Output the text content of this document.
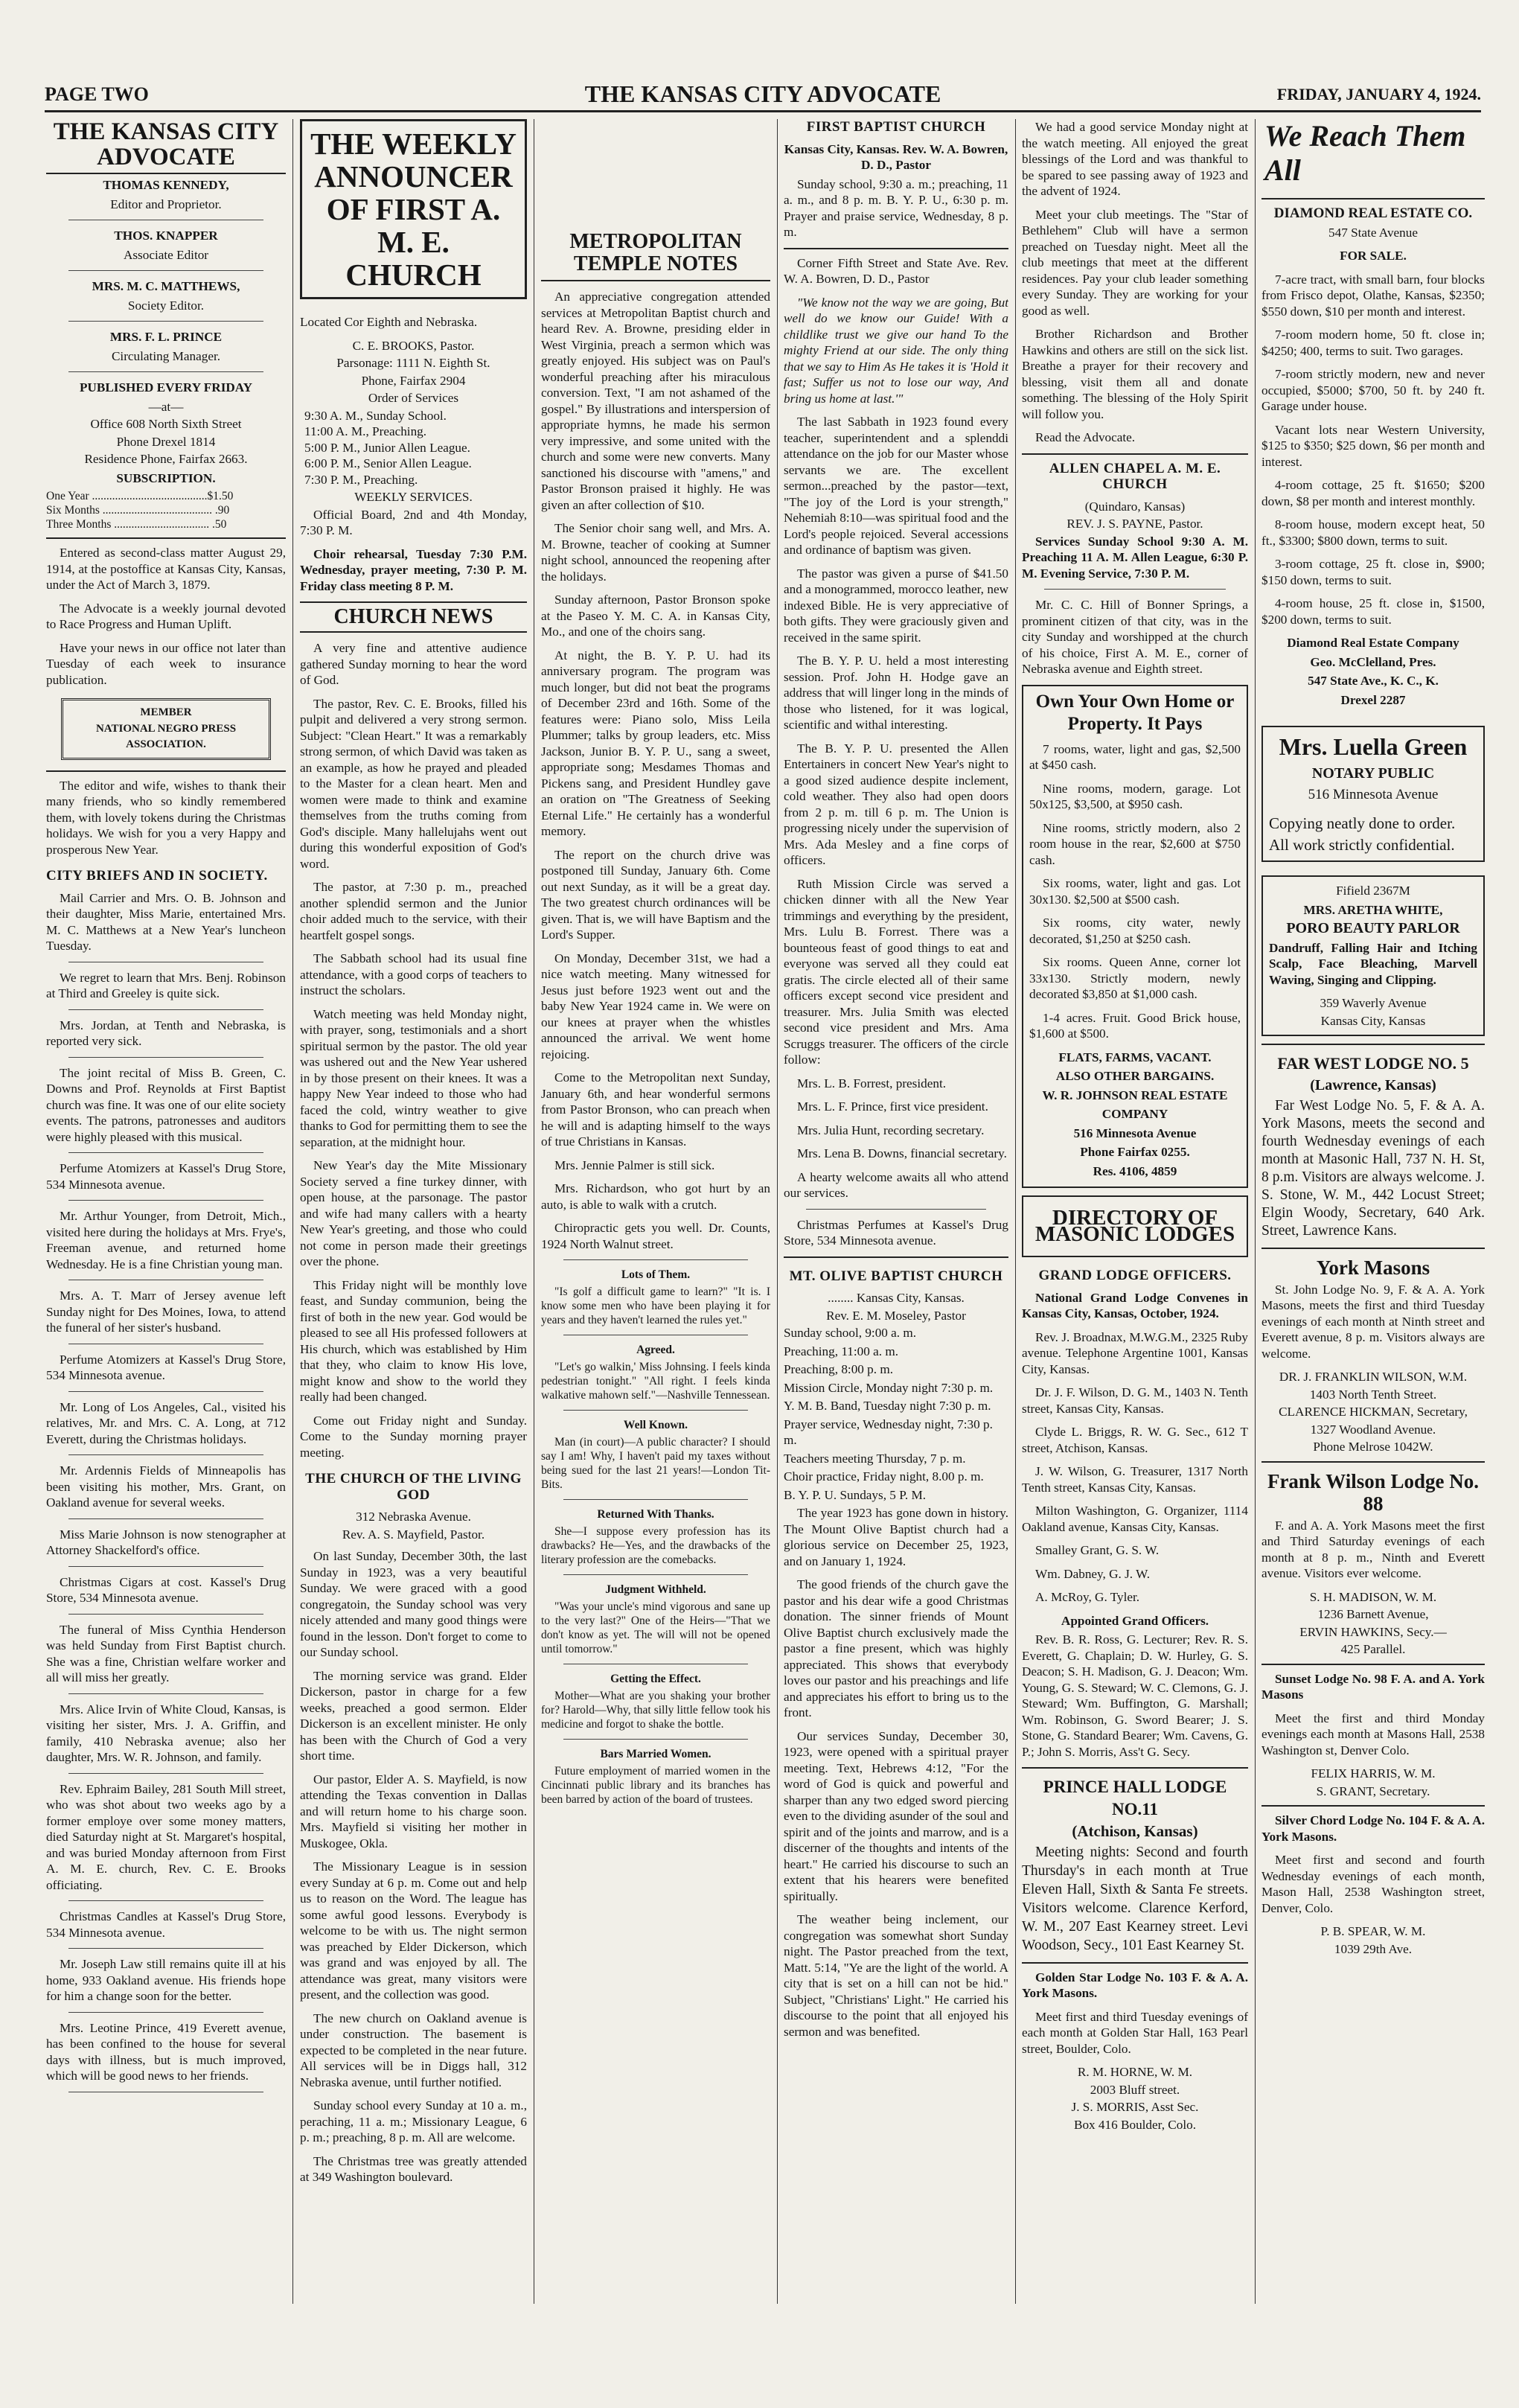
PAGE TWO	THE KANSAS CITY ADVOCATE	FRIDAY, JANUARY 4, 1924.
THE KANSAS CITY ADVOCATE
THOMAS KENNEDY,
Editor and Proprietor.
THOS. KNAPPER
Associate Editor
MRS. M. C. MATTHEWS,
Society Editor.
MRS. F. L. PRINCE
Circulating Manager.
PUBLISHED EVERY FRIDAY
—at—
Office 608 North Sixth Street
Phone Drexel 1814
Residence Phone, Fairfax 2663.
SUBSCRIPTION.
One Year ........................................$1.50
Six Months ...................................... .90
Three Months ................................. .50

Entered as second-class matter August 29, 1914, at the postoffice at Kansas City, Kansas, under the Act of March 3, 1879.

The Advocate is a weekly journal devoted to Race Progress and Human Uplift.

Have your news in our office not later than Tuesday of each week to insurance publication.

MEMBER
NATIONAL NEGRO PRESS ASSOCIATION.

The editor and wife, wishes to thank their many friends, who so kindly remembered them, with lovely tokens during the Christmas holidays. We wish for you a very Happy and prosperous New Year.

CITY BRIEFS AND IN SOCIETY.

Mail Carrier and Mrs. O. B. Johnson and their daughter, Miss Marie, entertained Mrs. M. C. Matthews at a New Year's luncheon Tuesday.

We regret to learn that Mrs. Benj. Robinson at Third and Greeley is quite sick.

Mrs. Jordan, at Tenth and Nebraska, is reported very sick.

The joint recital of Miss B. Green, C. Downs and Prof. Reynolds at First Baptist church was fine. It was one of our elite society events. The patrons, patronesses and auditors were highly pleased with this musical.

Perfume Atomizers at Kassel's Drug Store, 534 Minnesota avenue.

Mr. Arthur Younger, from Detroit, Mich., visited here during the holidays at Mrs. Frye's, Freeman avenue, and returned home Wednesday. He is a fine Christian young man.

Mrs. A. T. Marr of Jersey avenue left Sunday night for Des Moines, Iowa, to attend the funeral of her sister's husband.

Perfume Atomizers at Kassel's Drug Store, 534 Minnesota avenue.

Mr. Long of Los Angeles, Cal., visited his relatives, Mr. and Mrs. C. A. Long, at 712 Everett, during the Christmas holidays.

Mr. Ardennis Fields of Minneapolis has been visiting his mother, Mrs. Grant, on Oakland avenue for several weeks.

Miss Marie Johnson is now stenographer at Attorney Shackelford's office.

Christmas Cigars at cost. Kassel's Drug Store, 534 Minnesota avenue.

The funeral of Miss Cynthia Henderson was held Sunday from First Baptist church. She was a fine, Christian welfare worker and all will miss her greatly.

Mrs. Alice Irvin of White Cloud, Kansas, is visiting her sister, Mrs. J. A. Griffin, and family, 410 Nebraska avenue; also her daughter, Mrs. W. R. Johnson, and family.

Rev. Ephraim Bailey, 281 South Mill street, who was shot about two weeks ago by a former employe over some money matters, died Saturday night at St. Margaret's hospital, and was buried Monday afternoon from First A. M. E. church, Rev. C. E. Brooks officiating.

Christmas Candles at Kassel's Drug Store, 534 Minnesota avenue.

Mr. Joseph Law still remains quite ill at his home, 933 Oakland avenue. His friends hope for him a change soon for the better.

Mrs. Leotine Prince, 419 Everett avenue, has been confined to the house for several days with illness, but is much improved, which will be good news to her friends.

THE WEEKLY ANNOUNCER OF FIRST A. M. E. CHURCH

Located Cor Eighth and Nebraska.

C. E. BROOKS, Pastor.
Parsonage: 1111 N. Eighth St.
Phone, Fairfax 2904
Order of Services
9:30 A. M., Sunday School.
11:00 A. M., Preaching.
5:00 P. M., Junior Allen League.
6:00 P. M., Senior Allen League.
7:30 P. M., Preaching.
WEEKLY SERVICES.

Official Board, 2nd and 4th Monday, 7:30 P. M.

Choir rehearsal, Tuesday 7:30 P.M. Wednesday, prayer meeting, 7:30 P. M. Friday class meeting 8 P. M.

CHURCH NEWS

A very fine and attentive audience gathered Sunday morning to hear the word of God.

The pastor, Rev. C. E. Brooks, filled his pulpit and delivered a very strong sermon. Subject: "Clean Heart." It was a remarkably strong sermon, of which David was taken as an example, as how he prayed and pleaded to the Master for a clean heart. Men and women were made to think and examine themselves from the truths coming from God's disciple. Many hallelujahs went out during this wonderful exposition of God's word.

The pastor, at 7:30 p. m., preached another splendid sermon and the Junior choir added much to the service, with their heartfelt gospel songs.

The Sabbath school had its usual fine attendance, with a good corps of teachers to instruct the scholars.

Watch meeting was held Monday night, with prayer, song, testimonials and a short spiritual sermon by the pastor. The old year was ushered out and the New Year ushered in by those present on their knees. It was a happy New Year indeed to those who had faced the cold, wintry weather to give thanks to God for permitting them to see the separation, at the midnight hour.

New Year's day the Mite Missionary Society served a fine turkey dinner, with open house, at the parsonage. The pastor and wife had many callers with a hearty New Year's greeting, and those who could not come in person made their greetings over the phone.

This Friday night will be monthly love feast, and Sunday communion, being the first of both in the new year. God would be pleased to see all His professed followers at His church, which was established by Him that they, who claim to know His love, might know and show to the world they really had been changed.

Come out Friday night and Sunday. Come to the Sunday morning prayer meeting.

THE CHURCH OF THE LIVING GOD
312 Nebraska Avenue.
Rev. A. S. Mayfield, Pastor.

On last Sunday, December 30th, the last Sunday in 1923, was a very beautiful Sunday. We were graced with a good congregatoin, the Sunday school was very nicely attended and many good things were found in the lesson. Don't forget to come to our Sunday school.

The morning service was grand. Elder Dickerson, pastor in charge for a few weeks, preached a good sermon. Elder Dickerson is an excellent minister. He only has been with the Church of God a very short time.

Our pastor, Elder A. S. Mayfield, is now attending the Texas convention in Dallas and will return home to his charge soon. Mrs. Mayfield si visiting her mother in Muskogee, Okla.

The Missionary League is in session every Sunday at 6 p. m. Come out and help us to reason on the Word. The league has some awful good lessons. Everybody is welcome to be with us. The night sermon was preached by Elder Dickerson, which was grand and was enjoyed by all. The attendance was great, many visitors were present, and the collection was good.

The new church on Oakland avenue is under construction. The basement is expected to be completed in the near future. All services will be in Diggs hall, 312 Nebraska avenue, until further notified.

Sunday school every Sunday at 10 a. m., peraching, 11 a. m.; Missionary League, 6 p. m.; preaching, 8 p. m. All are welcome.

The Christmas tree was greatly attended at 349 Washington boulevard.

METROPOLITAN TEMPLE NOTES

An appreciative congregation attended services at Metropolitan Baptist church and heard Rev. A. Browne, presiding elder in West Virginia, preach a sermon which was greatly enjoyed. His subject was on Paul's wonderful preaching after his miraculous conversion. Text, "I am not ashamed of the gospel." By illustrations and interspersion of appropriate hymns, he made his sermon very impressive, and some united with the church and some were new converts. Many sanctioned his discourse with "amens," and Pastor Bronson praised it highly. He was given an after collection of $10.

The Senior choir sang well, and Mrs. A. M. Browne, teacher of cooking at Sumner night school, announced the reopening after the holidays.

Sunday afternoon, Pastor Bronson spoke at the Paseo Y. M. C. A. in Kansas City, Mo., and one of the choirs sang.

At night, the B. Y. P. U. had its anniversary program. The program was much longer, but did not beat the programs of December 23rd and 16th. Some of the features were: Piano solo, Miss Leila Plummer; talks by group leaders, etc. Miss Jackson, Junior B. Y. P. U., sang a sweet, appropriate song; Mesdames Thomas and Pickens sang, and President Hundley gave an oration on "The Greatness of Seeking Eternal Life." He certainly has a wonderful memory.

The report on the church drive was postponed till Sunday, January 6th. Come out next Sunday, as it will be a great day. The two greatest church ordinances will be given. That is, we will have Baptism and the Lord's Supper.

On Monday, December 31st, we had a nice watch meeting. Many witnessed for Jesus just before 1923 went out and the baby New Year 1924 came in. We were on our knees at prayer when the whistles announced the arrival. We went home rejoicing.

Come to the Metropolitan next Sunday, January 6th, and hear wonderful sermons from Pastor Bronson, who can preach when he will and is adapting himself to the ways of true Christians in Kansas.

Mrs. Jennie Palmer is still sick.

Mrs. Richardson, who got hurt by an auto, is able to walk with a crutch.

Chiropractic gets you well. Dr. Counts, 1924 North Walnut street.

Lots of Them.

"Is golf a difficult game to learn?" "It is. I know some men who have been playing it for years and they haven't learned the rules yet."

Agreed.

"Let's go walkin,' Miss Johnsing. I feels kinda pedestrian tonight." "All right. I feels kinda walkative mahown self."—Nashville Tennessean.

Well Known.

Man (in court)—A public character? I should say I am! Why, I haven't paid my taxes without being sued for the last 21 years!—London Tit-Bits.

Returned With Thanks.

She—I suppose every profession has its drawbacks? He—Yes, and the drawbacks of the literary profession are the comebacks.

Judgment Withheld.

"Was your uncle's mind vigorous and sane up to the very last?" One of the Heirs—"That we don't know as yet. The will will not be opened until tomorrow."

Getting the Effect.

Mother—What are you shaking your brother for? Harold—Why, that silly little fellow took his medicine and forgot to shake the bottle.

Bars Married Women.

Future employment of married women in the Cincinnati public library and its branches has been barred by action of the board of trustees.

FIRST BAPTIST CHURCH
Kansas City, Kansas. Rev. W. A. Bowren, D. D., Pastor

Sunday school, 9:30 a. m.; preaching, 11 a. m., and 8 p. m. B. Y. P. U., 6:30 p. m. Prayer and praise service, Wednesday, 8 p. m.

Corner Fifth Street and State Ave. Rev. W. A. Bowren, D. D., Pastor

"We know not the way we are going, But well do we know our Guide! With a childlike trust we give our hand To the mighty Friend at our side. The only thing that we say to Him As He takes it is 'Hold it fast; Suffer us not to lose our way, And bring us home at last.'"

The last Sabbath in 1923 found every teacher, superintendent and a splenddi attendance on the job for our Master whose servants we are. The excellent sermon...preached by the pastor—text, "The joy of the Lord is your strength," Nehemiah 8:10—was spiritual food and the Lord's people rejoiced. Several accessions and ordinance of baptism was given.

The pastor was given a purse of $41.50 and a monogrammed, morocco leather, new indexed Bible. He is very appreciative of both gifts. They were graciously given and received in the same spirit.

The B. Y. P. U. held a most interesting session. Prof. John H. Hodge gave an address that will linger long in the minds of those who listened, for it was logical, scientific and withal interesting.

The B. Y. P. U. presented the Allen Entertainers in concert New Year's night to a good sized audience despite inclement, cold weather. They also had open doors from 2 p. m. till 6 p. m. The Union is progressing nicely under the supervision of Mrs. Ada Mesley and a fine corps of officers.

Ruth Mission Circle was served a chicken dinner with all the New Year trimmings and everything by the president, Mrs. Lulu B. Forrest. There was a bounteous feast of good things to eat and everyone was served all they could eat gratis. The circle elected all of their same officers except second vice president and treasurer. Mrs. Julia Smith was elected second vice president and Mrs. Ama Scruggs treasurer. The officers of the circle follow:

Mrs. L. B. Forrest, president.

Mrs. L. F. Prince, first vice president.

Mrs. Julia Hunt, recording secretary.

Mrs. Lena B. Downs, financial secretary.

A hearty welcome awaits all who attend our services.

Christmas Perfumes at Kassel's Drug Store, 534 Minnesota avenue.

MT. OLIVE BAPTIST CHURCH
........ Kansas City, Kansas.
Rev. E. M. Moseley, Pastor
Sunday school, 9:00 a. m.
Preaching, 11:00 a. m.
Preaching, 8:00 p. m.
Mission Circle, Monday night 7:30 p. m.
Y. M. B. Band, Tuesday night 7:30 p. m.
Prayer service, Wednesday night, 7:30 p. m.
Teachers meeting Thursday, 7 p. m.
Choir practice, Friday night, 8.00 p. m.
B. Y. P. U. Sundays, 5 P. M.

The year 1923 has gone down in history. The Mount Olive Baptist church had a glorious service on December 25, 1923, and on January 1, 1924.

The good friends of the church gave the pastor and his dear wife a good Christmas donation. The sinner friends of Mount Olive Baptist church exclusively made the pastor a fine present, which was highly appreciated. This shows that everybody loves our pastor and his preachings and life and appreciates his effort to bring us to the front.

Our services Sunday, December 30, 1923, were opened with a spiritual prayer meeting. Text, Hebrews 4:12, "For the word of God is quick and powerful and sharper than any two edged sword piercing even to the dividing asunder of the soul and spirit and of the joints and marrow, and is a discerner of the thoughts and intents of the heart." He carried his discourse to such an extent that his hearers were benefited spiritually.

The weather being inclement, our congregation was somewhat short Sunday night. The Pastor preached from the text, Matt. 5:14, "Ye are the light of the world. A city that is set on a hill can not be hid." Subject, "Christians' Light." He carried his discourse to the point that all enjoyed his sermon and was benefited.

We had a good service Monday night at the watch meeting. All enjoyed the great blessings of the Lord and was thankful to be spared to see passing away of 1923 and the advent of 1924.

Meet your club meetings. The "Star of Bethlehem" Club will have a sermon preached on Tuesday night. Meet all the club meetings that meet at the different residences. Pay your club leader something every Sunday. They are working for your good as well.

Brother Richardson and Brother Hawkins and others are still on the sick list. Breathe a prayer for their recovery and blessing, visit them all and donate something. The blessing of the Holy Spirit will follow you.

Read the Advocate.

ALLEN CHAPEL A. M. E. CHURCH
(Quindaro, Kansas)
REV. J. S. PAYNE, Pastor.

Services Sunday School 9:30 A. M. Preaching 11 A. M. Allen League, 6:30 P. M. Evening Service, 7:30 P. M.

Mr. C. C. Hill of Bonner Springs, a prominent citizen of that city, was in the city Sunday and worshipped at the church of his choice, First A. M. E., corner of Nebraska avenue and Eighth street.

Own Your Own Home or Property. It Pays

7 rooms, water, light and gas, $2,500 at $450 cash.

Nine rooms, modern, garage. Lot 50x125, $3,500, at $950 cash.

Nine rooms, strictly modern, also 2 room house in the rear, $2,600 at $750 cash.

Six rooms, water, light and gas. Lot 30x130. $2,500 at $500 cash.

Six rooms, city water, newly decorated, $1,250 at $250 cash.

Six rooms. Queen Anne, corner lot 33x130. Strictly modern, newly decorated $3,850 at $1,000 cash.

1-4 acres. Fruit. Good Brick house, $1,600 at $500.

FLATS, FARMS, VACANT.
ALSO OTHER BARGAINS.
W. R. JOHNSON REAL ESTATE
COMPANY
516 Minnesota Avenue
Phone Fairfax 0255.
Res. 4106, 4859
DIRECTORY OF MASONIC LODGES
GRAND LODGE OFFICERS.

National Grand Lodge Convenes in Kansas City, Kansas, October, 1924.

Rev. J. Broadnax, M.W.G.M., 2325 Ruby avenue. Telephone Argentine 1001, Kansas City, Kansas.

Dr. J. F. Wilson, D. G. M., 1403 N. Tenth street, Kansas City, Kansas.

Clyde L. Briggs, R. W. G. Sec., 612 T street, Atchison, Kansas.

J. W. Wilson, G. Treasurer, 1317 North Tenth street, Kansas City, Kansas.

Milton Washington, G. Organizer, 1114 Oakland avenue, Kansas City, Kansas.

Smalley Grant, G. S. W.

Wm. Dabney, G. J. W.

A. McRoy, G. Tyler.

Appointed Grand Officers.

Rev. B. R. Ross, G. Lecturer; Rev. R. S. Everett, G. Chaplain; D. W. Hurley, G. S. Deacon; S. H. Madison, G. J. Deacon; Wm. Young, G. S. Steward; W. C. Clemons, G. J. Steward; Wm. Buffington, G. Marshall; Wm. Robinson, G. Sword Bearer; J. S. Stone, G. Standard Bearer; Wm. Cavens, G. P.; John S. Morris, Ass't G. Secy.

PRINCE HALL LODGE NO.11
(Atchison, Kansas)

Meeting nights: Second and fourth Thursday's in each month at True Eleven Hall, Sixth & Santa Fe streets. Visitors welcome. Clarence Kerford, W. M., 207 East Kearney street. Levi Woodson, Secy., 101 East Kearney St.

Golden Star Lodge No. 103 F. & A. A. York Masons.

Meet first and third Tuesday evenings of each month at Golden Star Hall, 163 Pearl street, Boulder, Colo.

R. M. HORNE, W. M.
2003 Bluff street.
J. S. MORRIS, Asst Sec.
Box 416 Boulder, Colo.
We Reach Them All
DIAMOND REAL ESTATE CO.
547 State Avenue
FOR SALE.

7-acre tract, with small barn, four blocks from Frisco depot, Olathe, Kansas, $2350; $550 down, $10 per month and interest.

7-room modern home, 50 ft. close in; $4250; 400, terms to suit. Two garages.

7-room strictly modern, new and never occupied, $5000; $700, 50 ft. by 240 ft. Garage under house.

Vacant lots near Western University, $125 to $350; $25 down, $6 per month and interest.

4-room cottage, 25 ft. $1650; $200 down, $8 per month and interest monthly.

8-room house, modern except heat, 50 ft., $3300; $800 down, terms to suit.

3-room cottage, 25 ft. close in, $900; $150 down, terms to suit.

4-room house, 25 ft. close in, $1500, $200 down, terms to suit.

Diamond Real Estate Company
Geo. McClelland, Pres.
547 State Ave., K. C., K.
Drexel 2287
Mrs. Luella Green
NOTARY PUBLIC
516 Minnesota Avenue
Copying neatly done to order. All work strictly confidential.
Fifield 2367M
MRS. ARETHA WHITE,
PORO BEAUTY PARLOR

Dandruff, Falling Hair and Itching Scalp, Face Bleaching, Marvell Waving, Singing and Clipping.

359 Waverly Avenue
Kansas City, Kansas
FAR WEST LODGE NO. 5
(Lawrence, Kansas)

Far West Lodge No. 5, F. & A. A. York Masons, meets the second and fourth Wednesday evenings of each month at Masonic Hall, 737 N. H. St, 8 p.m. Visitors are always welcome. J. S. Stone, W. M., 442 Locust Street; Elgin Woody, Secretary, 640 Ark. Street, Lawrence Kans.

York Masons

St. John Lodge No. 9, F. & A. A. York Masons, meets the first and third Tuesday evenings of each month at Ninth street and Everett avenue, 8 p. m. Visitors always are welcome.

DR. J. FRANKLIN WILSON, W.M.
1403 North Tenth Street.
CLARENCE HICKMAN, Secretary,
1327 Woodland Avenue.
Phone Melrose 1042W.
Frank Wilson Lodge No. 88

F. and A. A. York Masons meet the first and Third Saturday evenings of each month at 8 p. m., Ninth and Everett avenue. Visitors ever welcome.

S. H. MADISON, W. M.
1236 Barnett Avenue,
ERVIN HAWKINS, Secy.—
425 Parallel.

Sunset Lodge No. 98 F. A. and A. York Masons

Meet the first and third Monday evenings each month at Masons Hall, 2538 Washington st, Denver Colo.

FELIX HARRIS, W. M.
S. GRANT, Secretary.

Silver Chord Lodge No. 104 F. & A. A. York Masons.

Meet first and second and fourth Wednesday evenings of each month, Mason Hall, 2538 Washington street, Denver, Colo.

P. B. SPEAR, W. M.
1039 29th Ave.
